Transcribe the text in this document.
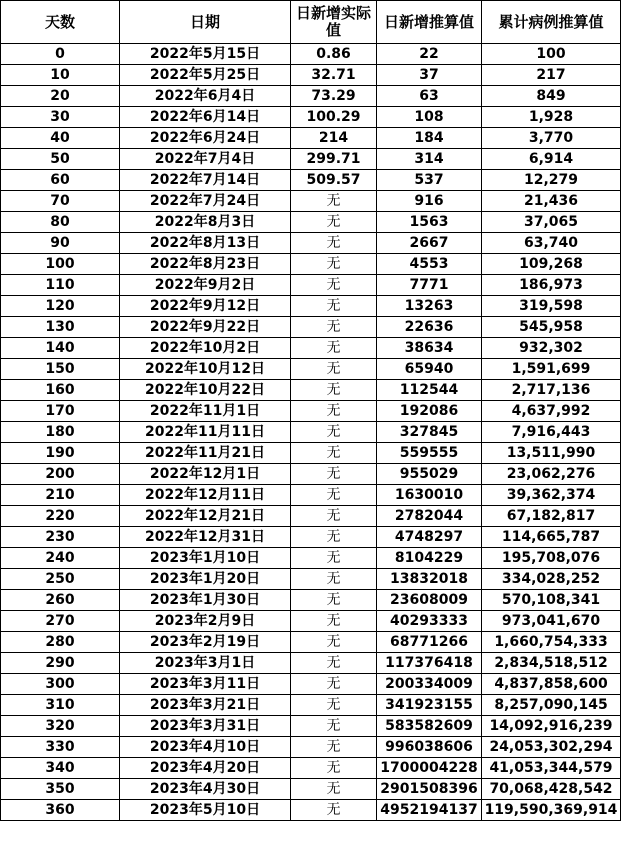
天数	日期	日新增实际值	日新增推算值	累计病例推算值
0	2022年5月15日	0.86	22	100
10	2022年5月25日	32.71	37	217
20	2022年6月4日	73.29	63	849
30	2022年6月14日	100.29	108	1,928
40	2022年6月24日	214	184	3,770
50	2022年7月4日	299.71	314	6,914
60	2022年7月14日	509.57	537	12,279
70	2022年7月24日	无	916	21,436
80	2022年8月3日	无	1563	37,065
90	2022年8月13日	无	2667	63,740
100	2022年8月23日	无	4553	109,268
110	2022年9月2日	无	7771	186,973
120	2022年9月12日	无	13263	319,598
130	2022年9月22日	无	22636	545,958
140	2022年10月2日	无	38634	932,302
150	2022年10月12日	无	65940	1,591,699
160	2022年10月22日	无	112544	2,717,136
170	2022年11月1日	无	192086	4,637,992
180	2022年11月11日	无	327845	7,916,443
190	2022年11月21日	无	559555	13,511,990
200	2022年12月1日	无	955029	23,062,276
210	2022年12月11日	无	1630010	39,362,374
220	2022年12月21日	无	2782044	67,182,817
230	2022年12月31日	无	4748297	114,665,787
240	2023年1月10日	无	8104229	195,708,076
250	2023年1月20日	无	13832018	334,028,252
260	2023年1月30日	无	23608009	570,108,341
270	2023年2月9日	无	40293333	973,041,670
280	2023年2月19日	无	68771266	1,660,754,333
290	2023年3月1日	无	117376418	2,834,518,512
300	2023年3月11日	无	200334009	4,837,858,600
310	2023年3月21日	无	341923155	8,257,090,145
320	2023年3月31日	无	583582609	14,092,916,239
330	2023年4月10日	无	996038606	24,053,302,294
340	2023年4月20日	无	1700004228	41,053,344,579
350	2023年4月30日	无	2901508396	70,068,428,542
360	2023年5月10日	无	4952194137	119,590,369,914
